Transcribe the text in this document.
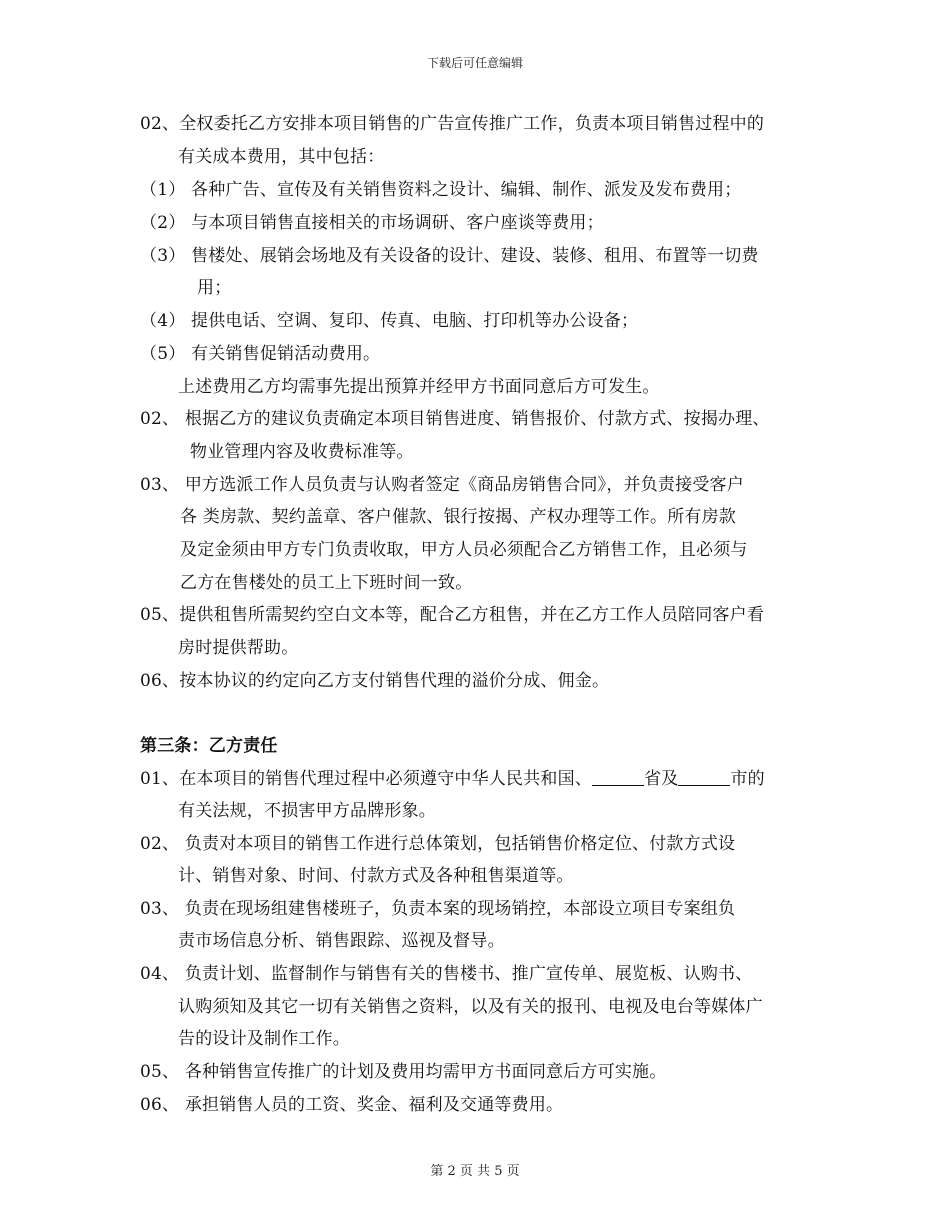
下载后可任意编辑
02、全权委托乙方安排本项目销售的广告宣传推广工作，负责本项目销售过程中的
有关成本费用，其中包括：
（1） 各种广告、宣传及有关销售资料之设计、编辑、制作、派发及发布费用；
（2） 与本项目销售直接相关的市场调研、客户座谈等费用；
（3） 售楼处、展销会场地及有关设备的设计、建设、装修、租用、布置等一切费
用；
（4） 提供电话、空调、复印、传真、电脑、打印机等办公设备；
（5） 有关销售促销活动费用。
上述费用乙方均需事先提出预算并经甲方书面同意后方可发生。
02、 根据乙方的建议负责确定本项目销售进度、销售报价、付款方式、按揭办理、
物业管理内容及收费标准等。
03、 甲方选派工作人员负责与认购者签定《商品房销售合同》，并负责接受客户
各 类房款、契约盖章、客户催款、银行按揭、产权办理等工作。所有房款
及定金须由甲方专门负责收取，甲方人员必须配合乙方销售工作，且必须与
乙方在售楼处的员工上下班时间一致。
05、提供租售所需契约空白文本等，配合乙方租售，并在乙方工作人员陪同客户看
房时提供帮助。
06、按本协议的约定向乙方支付销售代理的溢价分成、佣金。
第三条：乙方责任
01、在本项目的销售代理过程中必须遵守中华人民共和国、	省及	市的
有关法规，不损害甲方品牌形象。
02、 负责对本项目的销售工作进行总体策划，包括销售价格定位、付款方式设
计、销售对象、时间、付款方式及各种租售渠道等。
03、 负责在现场组建售楼班子，负责本案的现场销控，本部设立项目专案组负
责市场信息分析、销售跟踪、巡视及督导。
04、 负责计划、监督制作与销售有关的售楼书、推广宣传单、展览板、认购书、
认购须知及其它一切有关销售之资料，以及有关的报刊、电视及电台等媒体广
告的设计及制作工作。
05、 各种销售宣传推广的计划及费用均需甲方书面同意后方可实施。
06、 承担销售人员的工资、奖金、福利及交通等费用。
第 2 页 共 5 页
